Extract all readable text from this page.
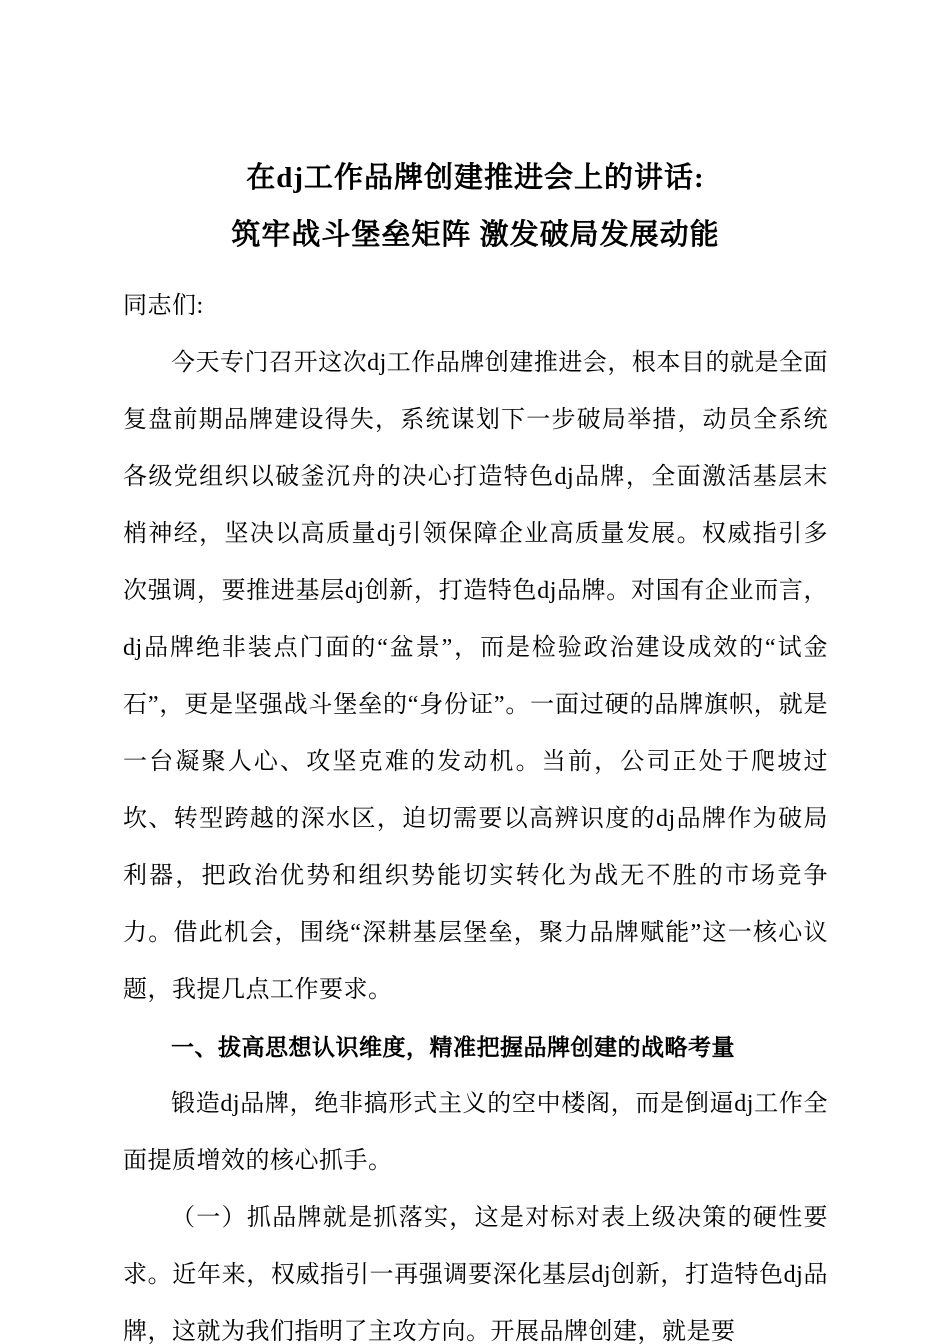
在dj工作品牌创建推进会上的讲话:
筑牢战斗堡垒矩阵 激发破局发展动能

同志们:

今天专门召开这次dj工作品牌创建推进会，根本目的就是全面复盘前期品牌建设得失，系统谋划下一步破局举措，动员全系统各级党组织以破釜沉舟的决心打造特色dj品牌，全面激活基层末梢神经，坚决以高质量dj引领保障企业高质量发展。权威指引多次强调，要推进基层dj创新，打造特色dj品牌。对国有企业而言，dj品牌绝非装点门面的“盆景”，而是检验政治建设成效的“试金石”，更是坚强战斗堡垒的“身份证”。一面过硬的品牌旗帜，就是一台凝聚人心、攻坚克难的发动机。当前，公司正处于爬坡过坎、转型跨越的深水区，迫切需要以高辨识度的dj品牌作为破局利器，把政治优势和组织势能切实转化为战无不胜的市场竞争力。借此机会，围绕“深耕基层堡垒，聚力品牌赋能”这一核心议题，我提几点工作要求。

一、拔高思想认识维度，精准把握品牌创建的战略考量

锻造dj品牌，绝非搞形式主义的空中楼阁，而是倒逼dj工作全面提质增效的核心抓手。

（一）抓品牌就是抓落实，这是对标对表上级决策的硬性要求。近年来，权威指引一再强调要深化基层dj创新，打造特色dj品牌，这就为我们指明了主攻方向。开展品牌创建，就是要
